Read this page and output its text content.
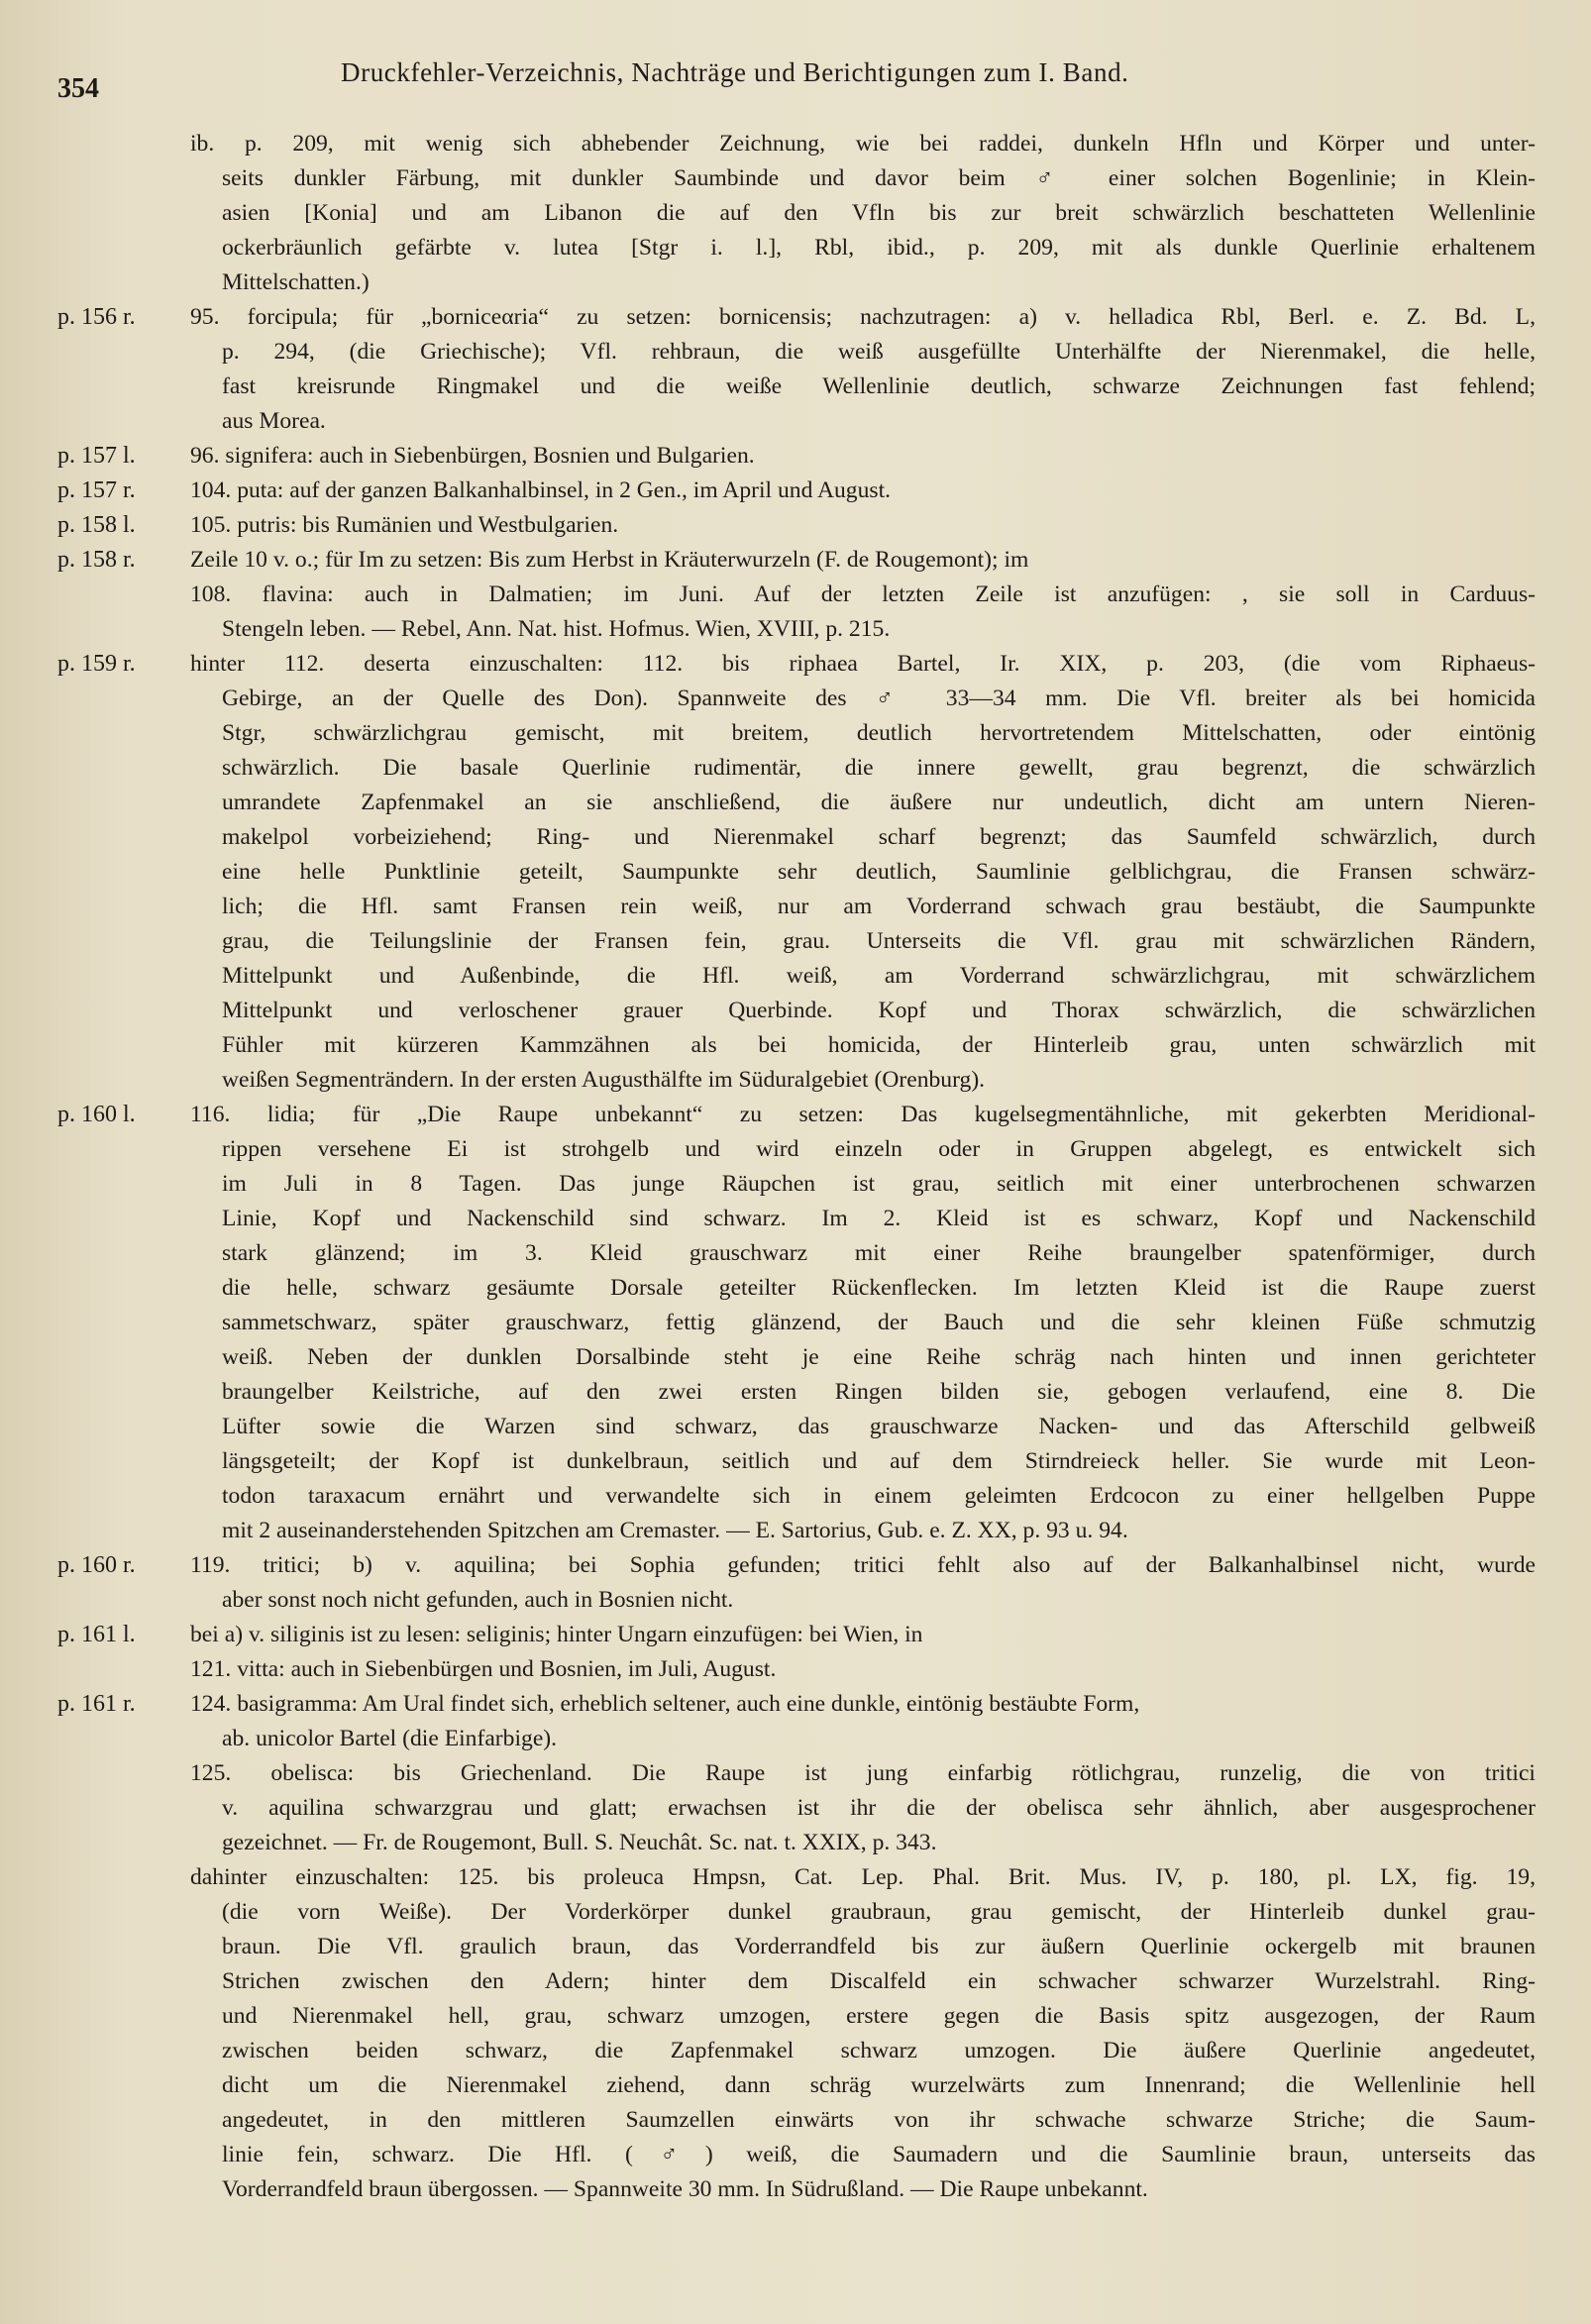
354
Druckfehler-Verzeichnis, Nachträge und Berichtigungen zum I. Band.
ib. p. 209, mit wenig sich abhebender Zeichnung, wie bei raddei, dunkeln Hfln und Körper und unter-
seits dunkler Färbung, mit dunkler Saumbinde und davor beim ♂ einer solchen Bogenlinie; in Klein-
asien [Konia] und am Libanon die auf den Vfln bis zur breit schwärzlich beschatteten Wellenlinie
ockerbräunlich gefärbte v. lutea [Stgr i. l.], Rbl, ibid., p. 209, mit als dunkle Querlinie erhaltenem
Mittelschatten.)
p. 156 r.	95. forcipula; für „borniceαria“ zu setzen: bornicensis; nachzutragen: a) v. helladica Rbl, Berl. e. Z. Bd. L,
p. 294, (die Griechische); Vfl. rehbraun, die weiß ausgefüllte Unterhälfte der Nierenmakel, die helle,
fast kreisrunde Ringmakel und die weiße Wellenlinie deutlich, schwarze Zeichnungen fast fehlend;
aus Morea.
p. 157 l.	96. signifera: auch in Siebenbürgen, Bosnien und Bulgarien.
p. 157 r.	104. puta: auf der ganzen Balkanhalbinsel, in 2 Gen., im April und August.
p. 158 l.	105. putris: bis Rumänien und Westbulgarien.
p. 158 r.	Zeile 10 v. o.; für Im zu setzen: Bis zum Herbst in Kräuterwurzeln (F. de Rougemont); im
108. flavina: auch in Dalmatien; im Juni. Auf der letzten Zeile ist anzufügen: , sie soll in Carduus-
Stengeln leben. — Rebel, Ann. Nat. hist. Hofmus. Wien, XVIII, p. 215.
p. 159 r.	hinter 112. deserta einzuschalten: 112. bis riphaea Bartel, Ir. XIX, p. 203, (die vom Riphaeus-
Gebirge, an der Quelle des Don). Spannweite des ♂ 33—34 mm. Die Vfl. breiter als bei homicida
Stgr, schwärzlichgrau gemischt, mit breitem, deutlich hervortretendem Mittelschatten, oder eintönig
schwärzlich. Die basale Querlinie rudimentär, die innere gewellt, grau begrenzt, die schwärzlich
umrandete Zapfenmakel an sie anschließend, die äußere nur undeutlich, dicht am untern Nieren-
makelpol vorbeiziehend; Ring- und Nierenmakel scharf begrenzt; das Saumfeld schwärzlich, durch
eine helle Punktlinie geteilt, Saumpunkte sehr deutlich, Saumlinie gelblichgrau, die Fransen schwärz-
lich; die Hfl. samt Fransen rein weiß, nur am Vorderrand schwach grau bestäubt, die Saumpunkte
grau, die Teilungslinie der Fransen fein, grau. Unterseits die Vfl. grau mit schwärzlichen Rändern,
Mittelpunkt und Außenbinde, die Hfl. weiß, am Vorderrand schwärzlichgrau, mit schwärzlichem
Mittelpunkt und verloschener grauer Querbinde. Kopf und Thorax schwärzlich, die schwärzlichen
Fühler mit kürzeren Kammzähnen als bei homicida, der Hinterleib grau, unten schwärzlich mit
weißen Segmenträndern. In der ersten Augusthälfte im Süduralgebiet (Orenburg).
p. 160 l.	116. lidia; für „Die Raupe unbekannt“ zu setzen: Das kugelsegmentähnliche, mit gekerbten Meridional-
rippen versehene Ei ist strohgelb und wird einzeln oder in Gruppen abgelegt, es entwickelt sich
im Juli in 8 Tagen. Das junge Räupchen ist grau, seitlich mit einer unterbrochenen schwarzen
Linie, Kopf und Nackenschild sind schwarz. Im 2. Kleid ist es schwarz, Kopf und Nackenschild
stark glänzend; im 3. Kleid grauschwarz mit einer Reihe braungelber spatenförmiger, durch
die helle, schwarz gesäumte Dorsale geteilter Rückenflecken. Im letzten Kleid ist die Raupe zuerst
sammetschwarz, später grauschwarz, fettig glänzend, der Bauch und die sehr kleinen Füße schmutzig
weiß. Neben der dunklen Dorsalbinde steht je eine Reihe schräg nach hinten und innen gerichteter
braungelber Keilstriche, auf den zwei ersten Ringen bilden sie, gebogen verlaufend, eine 8. Die
Lüfter sowie die Warzen sind schwarz, das grauschwarze Nacken- und das Afterschild gelbweiß
längsgeteilt; der Kopf ist dunkelbraun, seitlich und auf dem Stirndreieck heller. Sie wurde mit Leon-
todon taraxacum ernährt und verwandelte sich in einem geleimten Erdcocon zu einer hellgelben Puppe
mit 2 auseinanderstehenden Spitzchen am Cremaster. — E. Sartorius, Gub. e. Z. XX, p. 93 u. 94.
p. 160 r.	119. tritici; b) v. aquilina; bei Sophia gefunden; tritici fehlt also auf der Balkanhalbinsel nicht, wurde
aber sonst noch nicht gefunden, auch in Bosnien nicht.
p. 161 l.	bei a) v. siliginis ist zu lesen: seliginis; hinter Ungarn einzufügen: bei Wien, in
121. vitta: auch in Siebenbürgen und Bosnien, im Juli, August.
p. 161 r.	124. basigramma: Am Ural findet sich, erheblich seltener, auch eine dunkle, eintönig bestäubte Form,
ab. unicolor Bartel (die Einfarbige).
125. obelisca: bis Griechenland. Die Raupe ist jung einfarbig rötlichgrau, runzelig, die von tritici
v. aquilina schwarzgrau und glatt; erwachsen ist ihr die der obelisca sehr ähnlich, aber ausgesprochener
gezeichnet. — Fr. de Rougemont, Bull. S. Neuchât. Sc. nat. t. XXIX, p. 343.
dahinter einzuschalten: 125. bis proleuca Hmpsn, Cat. Lep. Phal. Brit. Mus. IV, p. 180, pl. LX, fig. 19,
(die vorn Weiße). Der Vorderkörper dunkel graubraun, grau gemischt, der Hinterleib dunkel grau-
braun. Die Vfl. graulich braun, das Vorderrandfeld bis zur äußern Querlinie ockergelb mit braunen
Strichen zwischen den Adern; hinter dem Discalfeld ein schwacher schwarzer Wurzelstrahl. Ring-
und Nierenmakel hell, grau, schwarz umzogen, erstere gegen die Basis spitz ausgezogen, der Raum
zwischen beiden schwarz, die Zapfenmakel schwarz umzogen. Die äußere Querlinie angedeutet,
dicht um die Nierenmakel ziehend, dann schräg wurzelwärts zum Innenrand; die Wellenlinie hell
angedeutet, in den mittleren Saumzellen einwärts von ihr schwache schwarze Striche; die Saum-
linie fein, schwarz. Die Hfl. (♂) weiß, die Saumadern und die Saumlinie braun, unterseits das
Vorderrandfeld braun übergossen. — Spannweite 30 mm. In Südrußland. — Die Raupe unbekannt.
